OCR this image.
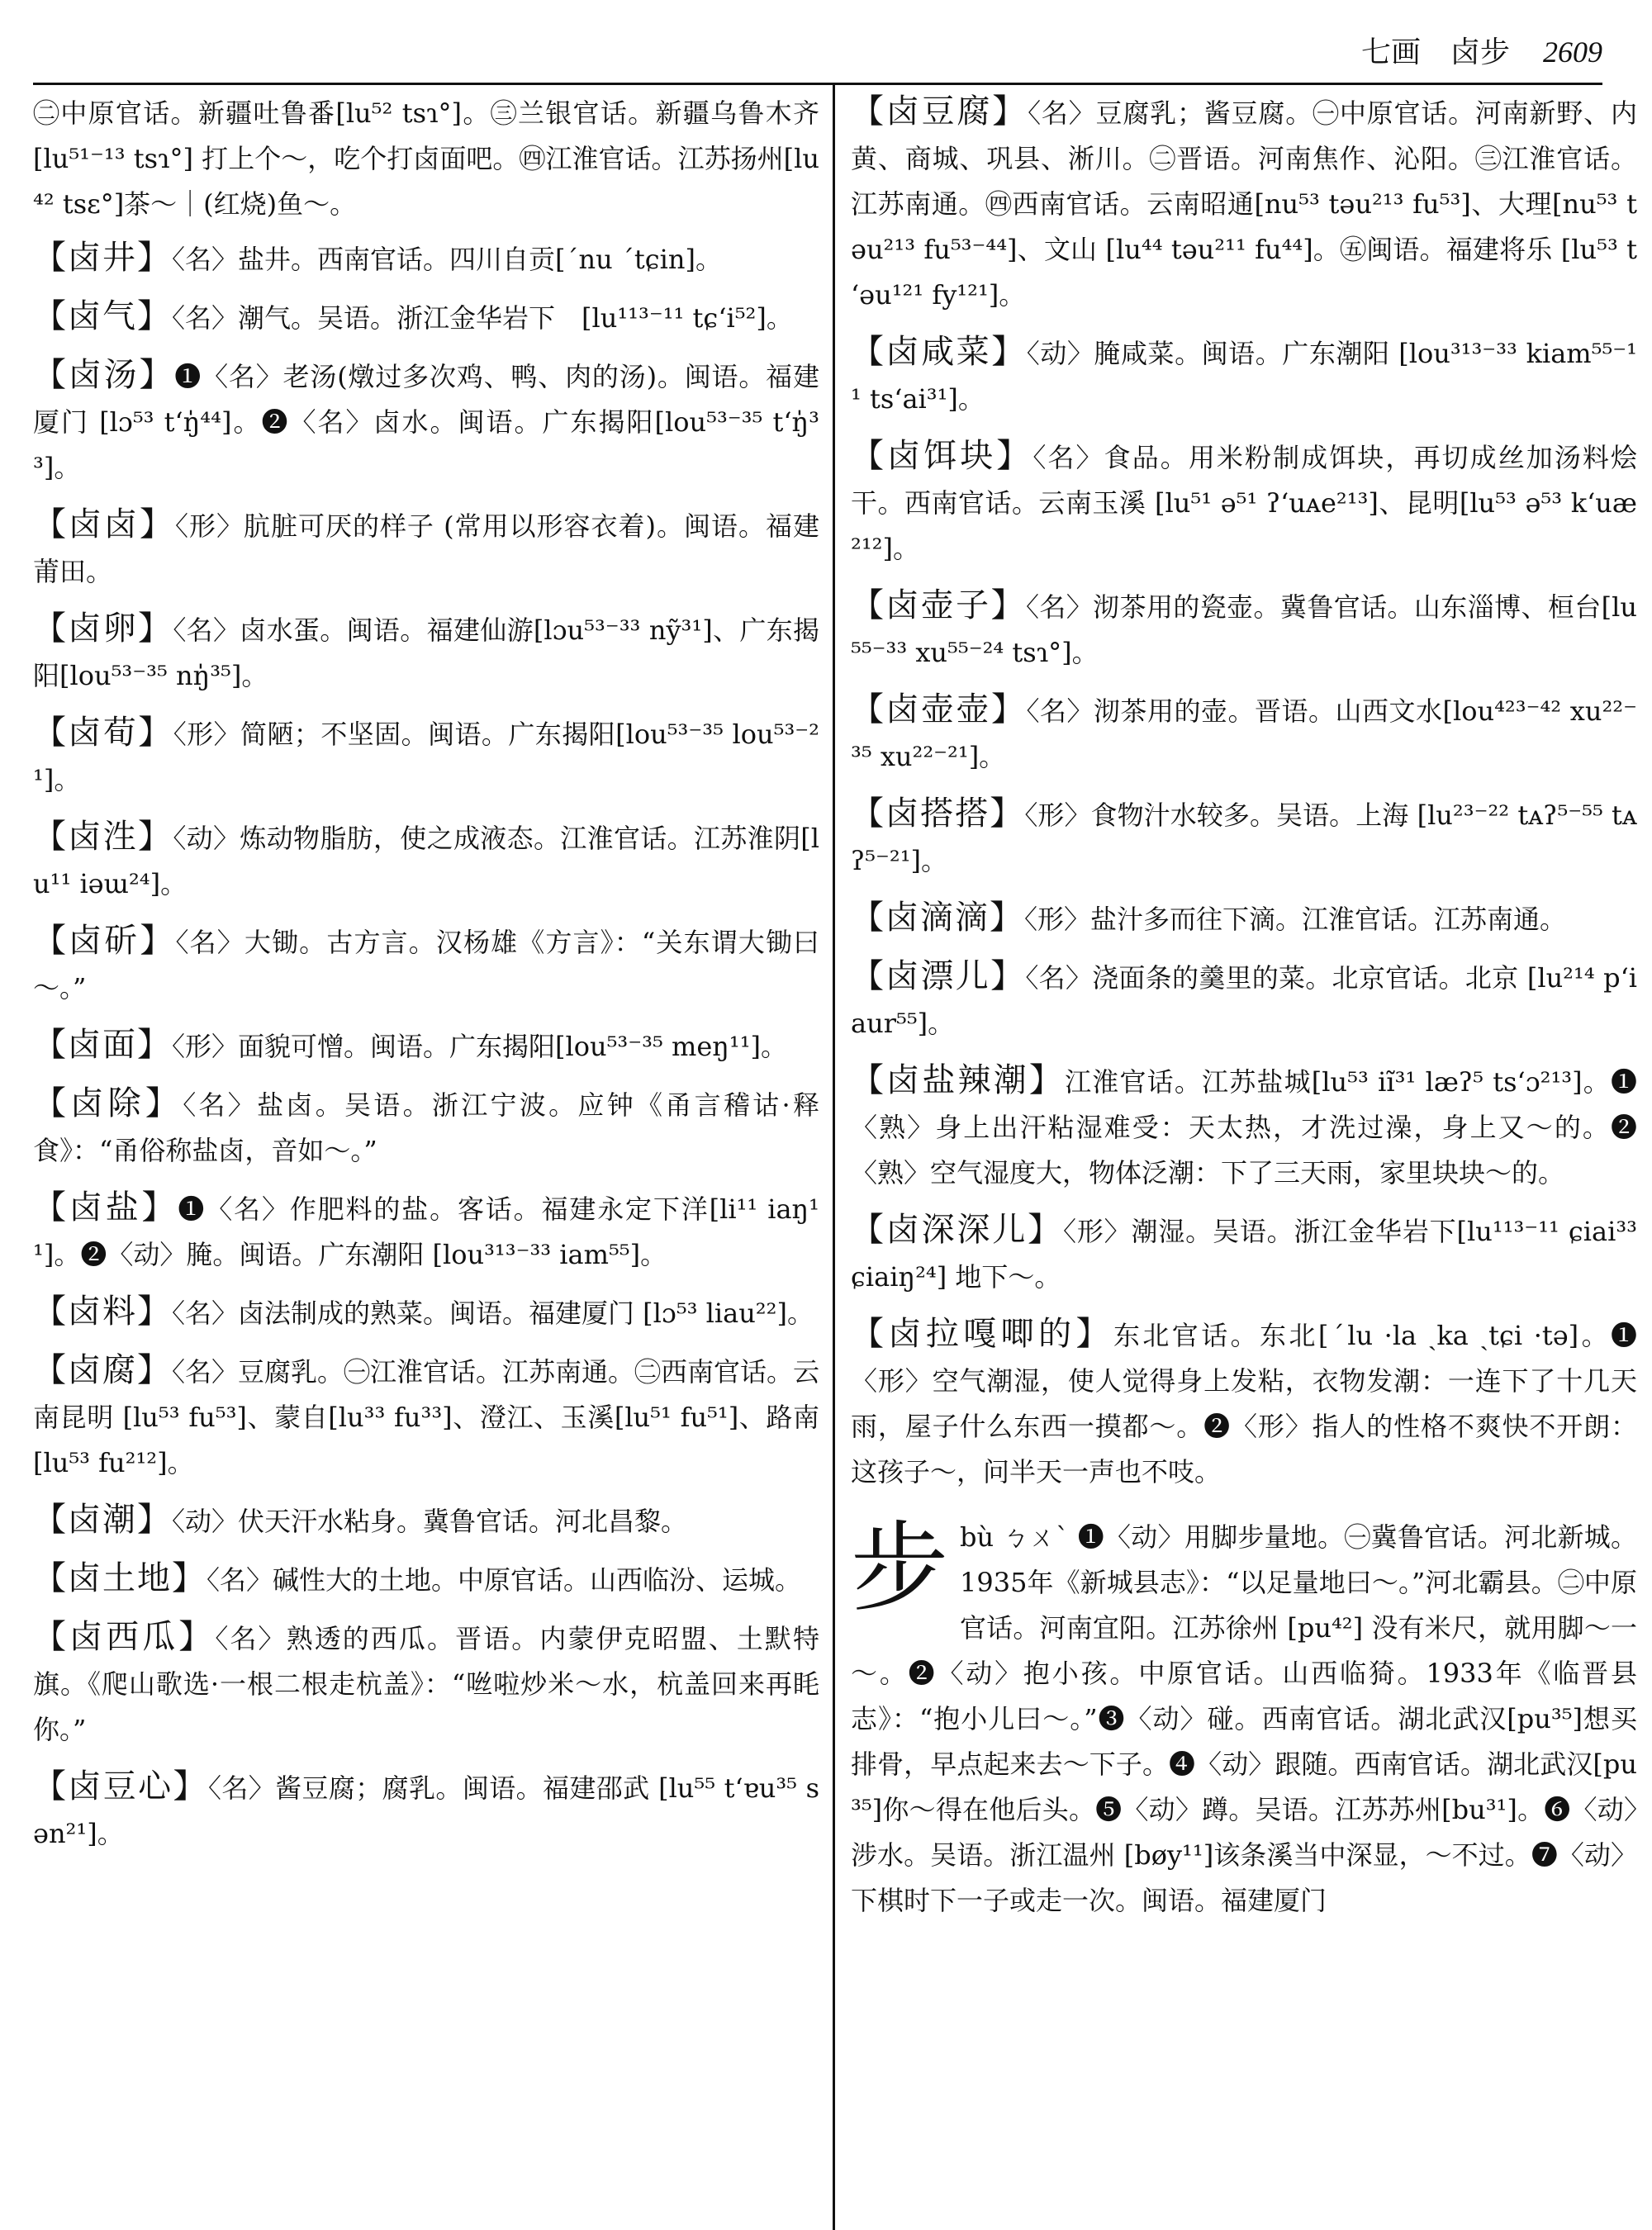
七画　卤步 2609

㊁中原官话。新疆吐鲁番[lu⁵² tsɿ°]。㊂兰银官话。新疆乌鲁木齐 [lu⁵¹⁻¹³ tsɿ°] 打上个～，吃个打卤面吧。㊃江淮官话。江苏扬州[lu⁴² tsɛ°]茶～｜(红烧)鱼～。

【卤井】〈名〉盐井。西南官话。四川自贡[ˊnu ˊtɕin]。

【卤气】〈名〉潮气。吴语。浙江金华岩下　[lu¹¹³⁻¹¹ tɕʻi⁵²]。

【卤汤】❶〈名〉老汤(燉过多次鸡、鸭、肉的汤)。闽语。福建厦门 [lɔ⁵³ tʻŋ̍⁴⁴]。❷〈名〉卤水。闽语。广东揭阳[lou⁵³⁻³⁵ tʻŋ̍³³]。

【卤卤】〈形〉肮脏可厌的样子 (常用以形容衣着)。闽语。福建莆田。

【卤卵】〈名〉卤水蛋。闽语。福建仙游[lɔu⁵³⁻³³ nỹ³¹]、广东揭阳[lou⁵³⁻³⁵ nŋ̍³⁵]。

【卤荀】〈形〉简陋；不坚固。闽语。广东揭阳[lou⁵³⁻³⁵ lou⁵³⁻²¹]。

【卤泩】〈动〉炼动物脂肪，使之成液态。江淮官话。江苏淮阴[lu¹¹ iəɯ²⁴]。

【卤斫】〈名〉大锄。古方言。汉杨雄《方言》：“关东谓大锄曰～。”

【卤面】〈形〉面貌可憎。闽语。广东揭阳[lou⁵³⁻³⁵ meŋ¹¹]。

【卤除】〈名〉盐卤。吴语。浙江宁波。应钟《甬言稽诂·释食》：“甬俗称盐卤，音如～。”

【卤盐】❶〈名〉作肥料的盐。客话。福建永定下洋[li¹¹ iaŋ¹¹]。❷〈动〉腌。闽语。广东潮阳 [lou³¹³⁻³³ iam⁵⁵]。

【卤料】〈名〉卤法制成的熟菜。闽语。福建厦门 [lɔ⁵³ liau²²]。

【卤腐】〈名〉豆腐乳。㊀江淮官话。江苏南通。㊁西南官话。云南昆明 [lu⁵³ fu⁵³]、蒙自[lu³³ fu³³]、澄江、玉溪[lu⁵¹ fu⁵¹]、路南[lu⁵³ fu²¹²]。

【卤潮】〈动〉伏天汗水粘身。冀鲁官话。河北昌黎。

【卤土地】〈名〉碱性大的土地。中原官话。山西临汾、运城。

【卤西瓜】〈名〉熟透的西瓜。晋语。内蒙伊克昭盟、土默特旗。《爬山歌选·一根二根走杭盖》：“咝啦炒米～水，杭盖回来再眊你。”

【卤豆心】〈名〉酱豆腐；腐乳。闽语。福建邵武 [lu⁵⁵ tʻɐu³⁵ sən²¹]。

【卤豆腐】〈名〉豆腐乳；酱豆腐。㊀中原官话。河南新野、内黄、商城、巩县、淅川。㊁晋语。河南焦作、沁阳。㊂江淮官话。江苏南通。㊃西南官话。云南昭通[nu⁵³ təu²¹³ fu⁵³]、大理[nu⁵³ təu²¹³ fu⁵³⁻⁴⁴]、文山 [lu⁴⁴ təu²¹¹ fu⁴⁴]。㊄闽语。福建将乐 [lu⁵³ tʻəu¹²¹ fy¹²¹]。

【卤咸菜】〈动〉腌咸菜。闽语。广东潮阳 [lou³¹³⁻³³ kiam⁵⁵⁻¹¹ tsʻai³¹]。

【卤饵块】〈名〉食品。用米粉制成饵块，再切成丝加汤料烩干。西南官话。云南玉溪 [lu⁵¹ ə⁵¹ ʔʻuᴀe²¹³]、昆明[lu⁵³ ə⁵³ kʻuæ²¹²]。

【卤壶子】〈名〉沏茶用的瓷壶。冀鲁官话。山东淄博、桓台[lu⁵⁵⁻³³ xu⁵⁵⁻²⁴ tsɿ°]。

【卤壶壶】〈名〉沏茶用的壶。晋语。山西文水[lou⁴²³⁻⁴² xu²²⁻³⁵ xu²²⁻²¹]。

【卤搭搭】〈形〉食物汁水较多。吴语。上海 [lu²³⁻²² tᴀʔ⁵⁻⁵⁵ tᴀʔ⁵⁻²¹]。

【卤滴滴】〈形〉盐汁多而往下滴。江淮官话。江苏南通。

【卤漂儿】〈名〉浇面条的羹里的菜。北京官话。北京 [lu²¹⁴ pʻiaur⁵⁵]。

【卤盐辣潮】江淮官话。江苏盐城[lu⁵³ iĩ³¹ læʔ⁵ tsʻɔ²¹³]。❶〈熟〉身上出汗粘湿难受：天太热，才洗过澡，身上又～的。❷〈熟〉空气湿度大，物体泛潮：下了三天雨，家里块块～的。

【卤深深儿】〈形〉潮湿。吴语。浙江金华岩下[lu¹¹³⁻¹¹ ɕiai³³ ɕiaiŋ²⁴] 地下～。

【卤拉嘎唧的】东北官话。东北[ˊlu ·la ˏka ˏtɕi ·tə]。❶〈形〉空气潮湿，使人觉得身上发粘，衣物发潮：一连下了十几天雨，屋子什么东西一摸都～。❷〈形〉指人的性格不爽快不开朗：这孩子～，问半天一声也不吱。

步bù ㄅㄨˋ ❶〈动〉用脚步量地。㊀冀鲁官话。河北新城。1935年《新城县志》：“以足量地曰～。”河北霸县。㊁中原官话。河南宜阳。江苏徐州 [pu⁴²] 没有米尺，就用脚～一～。❷〈动〉抱小孩。中原官话。山西临猗。1933年《临晋县志》：“抱小儿曰～。”❸〈动〉碰。西南官话。湖北武汉[pu³⁵]想买排骨，早点起来去～下子。❹〈动〉跟随。西南官话。湖北武汉[pu³⁵]你～得在他后头。❺〈动〉蹲。吴语。江苏苏州[bu³¹]。❻〈动〉涉水。吴语。浙江温州 [bøy¹¹]该条溪当中深显，～不过。❼〈动〉下棋时下一子或走一次。闽语。福建厦门
